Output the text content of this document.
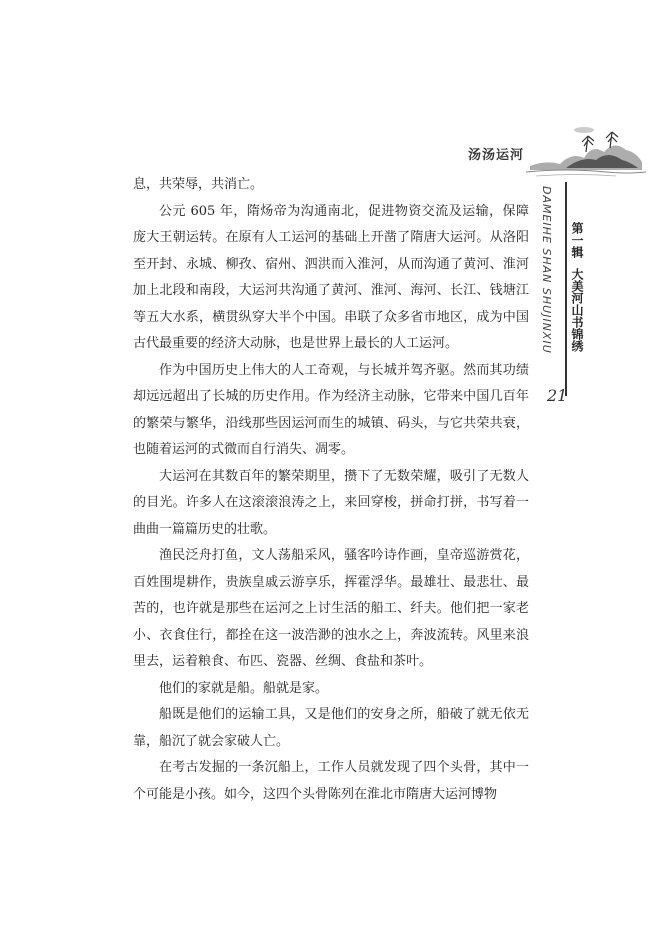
汤汤运河

息，共荣辱，共消亡。

公元 605 年，隋炀帝为沟通南北，促进物资交流及运输，保障庞大王朝运转。在原有人工运河的基础上开凿了隋唐大运河。从洛阳至开封、永城、柳孜、宿州、泗洪而入淮河，从而沟通了黄河、淮河加上北段和南段，大运河共沟通了黄河、淮河、海河、长江、钱塘江等五大水系，横贯纵穿大半个中国。串联了众多省市地区，成为中国古代最重要的经济大动脉，也是世界上最长的人工运河。

作为中国历史上伟大的人工奇观，与长城并驾齐驱。然而其功绩却远远超出了长城的历史作用。作为经济主动脉，它带来中国几百年的繁荣与繁华，沿线那些因运河而生的城镇、码头，与它共荣共衰，也随着运河的式微而自行消失、凋零。

大运河在其数百年的繁荣期里，攒下了无数荣耀，吸引了无数人的目光。许多人在这滚滚浪涛之上，来回穿梭，拼命打拼，书写着一曲曲一篇篇历史的壮歌。

渔民泛舟打鱼，文人荡船采风，骚客吟诗作画，皇帝巡游赏花，百姓围堤耕作，贵族皇戚云游享乐，挥霍浮华。最雄壮、最悲壮、最苦的，也许就是那些在运河之上讨生活的船工、纤夫。他们把一家老小、衣食住行，都拴在这一波浩渺的浊水之上，奔波流转。风里来浪里去，运着粮食、布匹、瓷器、丝绸、食盐和茶叶。

他们的家就是船。船就是家。

船既是他们的运输工具，又是他们的安身之所，船破了就无依无靠，船沉了就会家破人亡。

在考古发掘的一条沉船上，工作人员就发现了四个头骨，其中一个可能是小孩。如今，这四个头骨陈列在淮北市隋唐大运河博物

DAMEIHE SHAN SHUJINXIU 第一辑大美河山书锦绣
21
